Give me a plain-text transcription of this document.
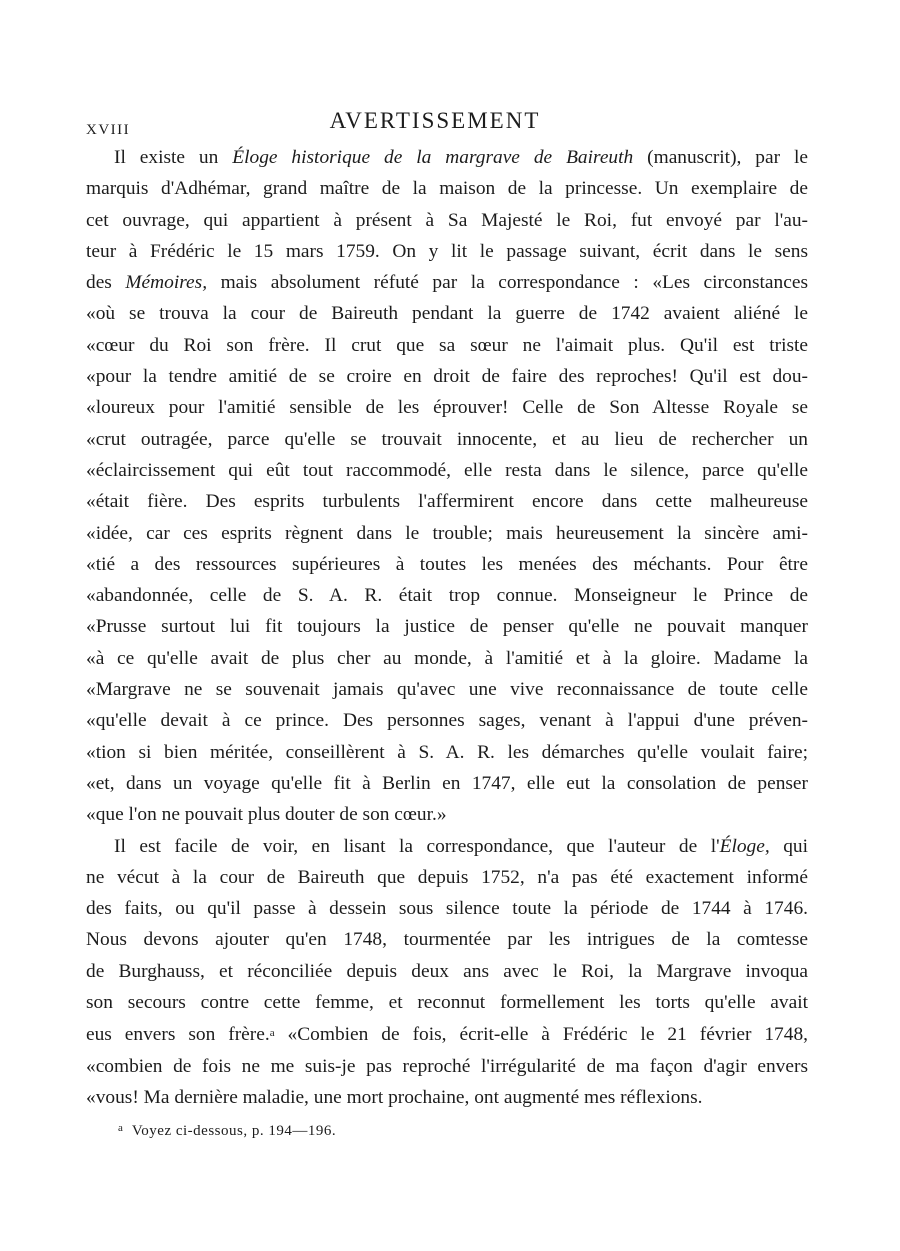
XVIII	AVERTISSEMENT
Il existe un Éloge historique de la margrave de Baireuth (manuscrit), par le
marquis d'Adhémar, grand maître de la maison de la princesse. Un exemplaire de
cet ouvrage, qui appartient à présent à Sa Majesté le Roi, fut envoyé par l'au-
teur à Frédéric le 15 mars 1759. On y lit le passage suivant, écrit dans le sens
des Mémoires, mais absolument réfuté par la correspondance : «Les circonstances
«où se trouva la cour de Baireuth pendant la guerre de 1742 avaient aliéné le
«cœur du Roi son frère. Il crut que sa sœur ne l'aimait plus. Qu'il est triste
«pour la tendre amitié de se croire en droit de faire des reproches! Qu'il est dou-
«loureux pour l'amitié sensible de les éprouver! Celle de Son Altesse Royale se
«crut outragée, parce qu'elle se trouvait innocente, et au lieu de rechercher un
«éclaircissement qui eût tout raccommodé, elle resta dans le silence, parce qu'elle
«était fière. Des esprits turbulents l'affermirent encore dans cette malheureuse
«idée, car ces esprits règnent dans le trouble; mais heureusement la sincère ami-
«tié a des ressources supérieures à toutes les menées des méchants. Pour être
«abandonnée, celle de S. A. R. était trop connue. Monseigneur le Prince de
«Prusse surtout lui fit toujours la justice de penser qu'elle ne pouvait manquer
«à ce qu'elle avait de plus cher au monde, à l'amitié et à la gloire. Madame la
«Margrave ne se souvenait jamais qu'avec une vive reconnaissance de toute celle
«qu'elle devait à ce prince. Des personnes sages, venant à l'appui d'une préven-
«tion si bien méritée, conseillèrent à S. A. R. les démarches qu'elle voulait faire;
«et, dans un voyage qu'elle fit à Berlin en 1747, elle eut la consolation de penser
«que l'on ne pouvait plus douter de son cœur.»
Il est facile de voir, en lisant la correspondance, que l'auteur de l'Éloge, qui
ne vécut à la cour de Baireuth que depuis 1752, n'a pas été exactement informé
des faits, ou qu'il passe à dessein sous silence toute la période de 1744 à 1746.
Nous devons ajouter qu'en 1748, tourmentée par les intrigues de la comtesse
de Burghauss, et réconciliée depuis deux ans avec le Roi, la Margrave invoqua
son secours contre cette femme, et reconnut formellement les torts qu'elle avait
eus envers son frère.$^a$ «Combien de fois, écrit-elle à Frédéric le 21 février 1748,
«combien de fois ne me suis-je pas reproché l'irrégularité de ma façon d'agir envers
«vous! Ma dernière maladie, une mort prochaine, ont augmenté mes réflexions.
$^a$ Voyez ci-dessous, p. 194—196.
